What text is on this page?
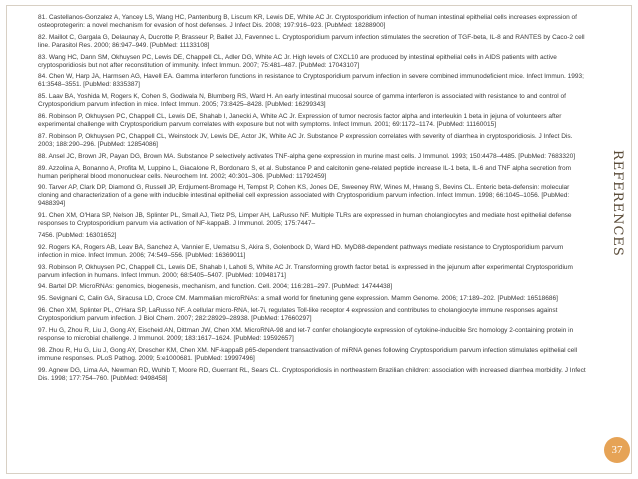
81. Castellanos-Gonzalez A, Yancey LS, Wang HC, Pantenburg B, Liscum KR, Lewis DE, White AC Jr. Cryptosporidium infection of human intestinal epithelial cells increases expression of osteoprotegerin: a novel mechanism for evasion of host defenses. J Infect Dis. 2008; 197:916–923. [PubMed: 18288900]
82. Maillot C, Gargala G, Delaunay A, Ducrotte P, Brasseur P, Ballet JJ, Favennec L. Cryptosporidium parvum infection stimulates the secretion of TGF-beta, IL-8 and RANTES by Caco-2 cell line. Parasitol Res. 2000; 86:947–949. [PubMed: 11133108]
83. Wang HC, Dann SM, Okhuysen PC, Lewis DE, Chappell CL, Adler DG, White AC Jr. High levels of CXCL10 are produced by intestinal epithelial cells in AIDS patients with active cryptosporidiosis but not after reconstitution of immunity. Infect Immun. 2007; 75:481–487. [PubMed: 17043107]
84. Chen W, Harp JA, Harmsen AG, Havell EA. Gamma interferon functions in resistance to Cryptosporidium parvum infection in severe combined immunodeficient mice. Infect Immun. 1993; 61:3548–3551. [PubMed: 8335387]
85. Laav BA, Yoshida M, Rogers K, Cohen S, Godiwala N, Blumberg RS, Ward H. An early intestinal mucosal source of gamma interferon is associated with resistance to and control of Cryptosporidium parvum infection in mice. Infect Immun. 2005; 73:8425–8428. [PubMed: 16299343]
86. Robinson P, Okhuysen PC, Chappell CL, Lewis DE, Shahab I, Janecki A, White AC Jr. Expression of tumor necrosis factor alpha and interleukin 1 beta in jejuna of volunteers after experimental challenge with Cryptosporidium parvum correlates with exposure but not with symptoms. Infect Immun. 2001; 69:1172–1174. [PubMed: 11160015]
87. Robinson P, Okhuysen PC, Chappell CL, Weinstock JV, Lewis DE, Actor JK, White AC Jr. Substance P expression correlates with severity of diarrhea in cryptosporidiosis. J Infect Dis. 2003; 188:290–296. [PubMed: 12854086]
88. Ansel JC, Brown JR, Payan DG, Brown MA. Substance P selectively activates TNF-alpha gene expression in murine mast cells. J Immunol. 1993; 150:4478–4485. [PubMed: 7683320]
89. Azzolina A, Bonanno A, Profita M, Luppino L, Giacalone R, Bordonaro S, et al. Substance P and calcitonin gene-related peptide increase IL-1 beta, IL-6 and TNF alpha secretion from human peripheral blood mononuclear cells. Neurochem Int. 2002; 40:301–306. [PubMed: 11792459]
90. Tarver AP, Clark DP, Diamond G, Russell JP, Erdjument-Bromage H, Tempst P, Cohen KS, Jones DE, Sweeney RW, Wines M, Hwang S, Bevins CL. Enteric beta-defensin: molecular cloning and characterization of a gene with inducible intestinal epithelial cell expression associated with Cryptosporidium parvum infection. Infect Immun. 1998; 66:1045–1056. [PubMed: 9488394]
91. Chen XM, O'Hara SP, Nelson JB, Splinter PL, Small AJ, Tietz PS, Limper AH, LaRusso NF. Multiple TLRs are expressed in human cholangiocytes and mediate host epithelial defense responses to Cryptosporidium parvum via activation of NF-kappaB. J Immunol. 2005; 175:7447–
7456. [PubMed: 16301652]
92. Rogers KA, Rogers AB, Leav BA, Sanchez A, Vannier E, Uematsu S, Akira S, Golenbock D, Ward HD. MyD88-dependent pathways mediate resistance to Cryptosporidium parvum infection in mice. Infect Immun. 2006; 74:549–556. [PubMed: 16369011]
93. Robinson P, Okhuysen PC, Chappell CL, Lewis DE, Shahab I, Lahoti S, White AC Jr. Transforming growth factor beta1 is expressed in the jejunum after experimental Cryptosporidium parvum infection in humans. Infect Immun. 2000; 68:5405–5407. [PubMed: 10948171]
94. Bartel DP. MicroRNAs: genomics, biogenesis, mechanism, and function. Cell. 2004; 116:281–297. [PubMed: 14744438]
95. Sevignani C, Calin GA, Siracusa LD, Croce CM. Mammalian microRNAs: a small world for finetuning gene expression. Mamm Genome. 2006; 17:189–202. [PubMed: 16518686]
96. Chen XM, Splinter PL, O'Hara SP, LaRusso NF. A cellular micro-RNA, let-7i, regulates Toll-like receptor 4 expression and contributes to cholangiocyte immune responses against Cryptosporidium parvum infection. J Biol Chem. 2007; 282:28929–28938. [PubMed: 17660297]
97. Hu G, Zhou R, Liu J, Gong AY, Eischeid AN, Dittman JW, Chen XM. MicroRNA-98 and let-7 confer cholangiocyte expression of cytokine-inducible Src homology 2-containing protein in response to microbial challenge. J Immunol. 2009; 183:1617–1624. [PubMed: 19592657]
98. Zhou R, Hu G, Liu J, Gong AY, Drescher KM, Chen XM. NF-kappaB p65-dependent transactivation of miRNA genes following Cryptosporidium parvum infection stimulates epithelial cell immune responses. PLoS Pathog. 2009; 5:e1000681. [PubMed: 19997496]
99. Agnew DG, Lima AA, Newman RD, Wuhib T, Moore RD, Guerrant RL, Sears CL. Cryptosporidiosis in northeastern Brazilian children: association with increased diarrhea morbidity. J Infect Dis. 1998; 177:754–760. [PubMed: 9498458]
REFERENCES
37
